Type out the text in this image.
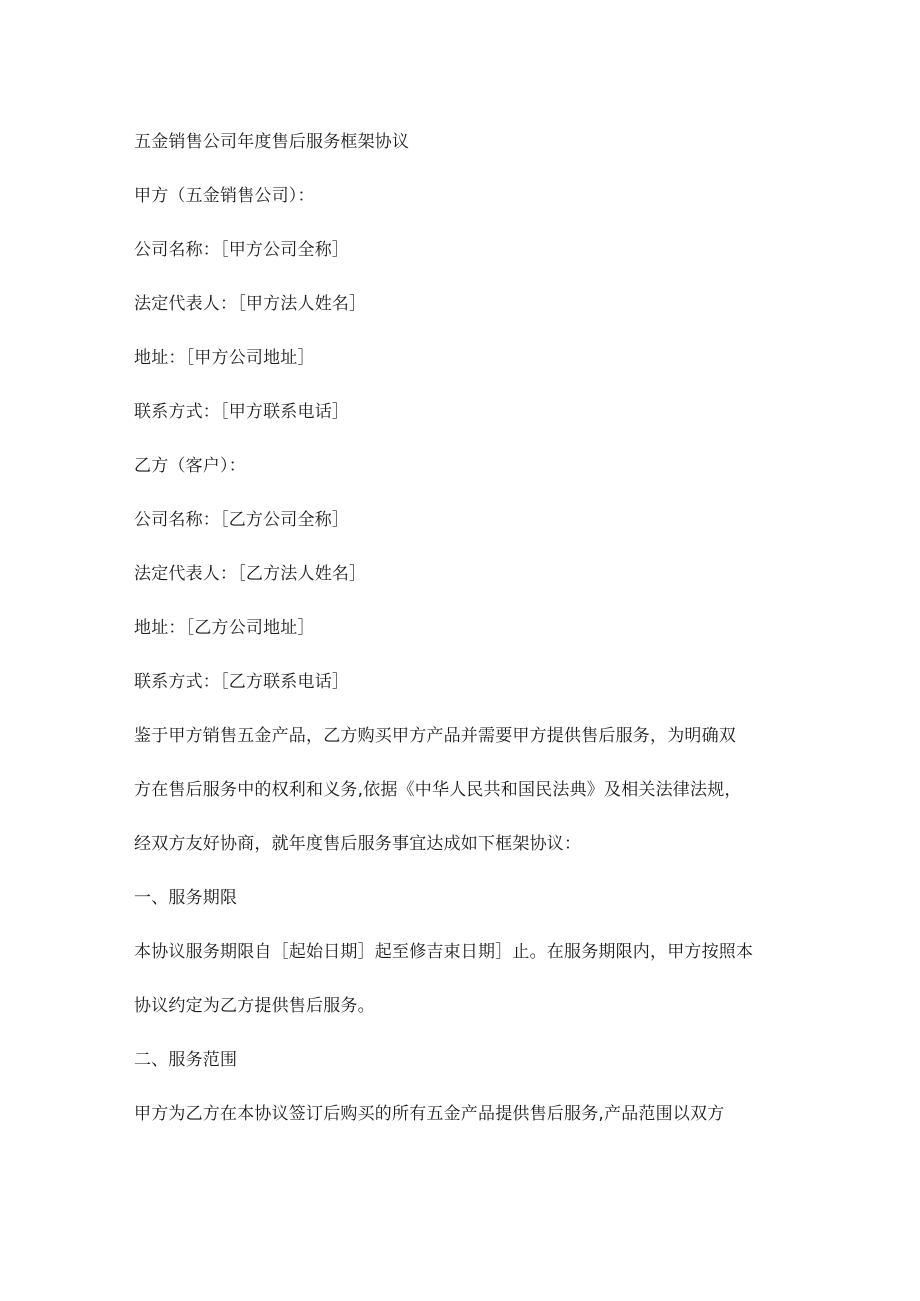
五金销售公司年度售后服务框架协议
甲方（五金销售公司）：
公司名称：［甲方公司全称］
法定代表人：［甲方法人姓名］
地址：［甲方公司地址］
联系方式：［甲方联系电话］
乙方（客户）：
公司名称：［乙方公司全称］
法定代表人：［乙方法人姓名］
地址：［乙方公司地址］
联系方式：［乙方联系电话］
鉴于甲方销售五金产品，乙方购买甲方产品并需要甲方提供售后服务，为明确双
方在售后服务中的权利和义务,依据《中华人民共和国民法典》及相关法律法规，
经双方友好协商，就年度售后服务事宜达成如下框架协议：
一、服务期限
本协议服务期限自［起始日期］起至修吉束日期］止。在服务期限内，甲方按照本
协议约定为乙方提供售后服务。
二、服务范围
甲方为乙方在本协议签订后购买的所有五金产品提供售后服务,产品范围以双方
